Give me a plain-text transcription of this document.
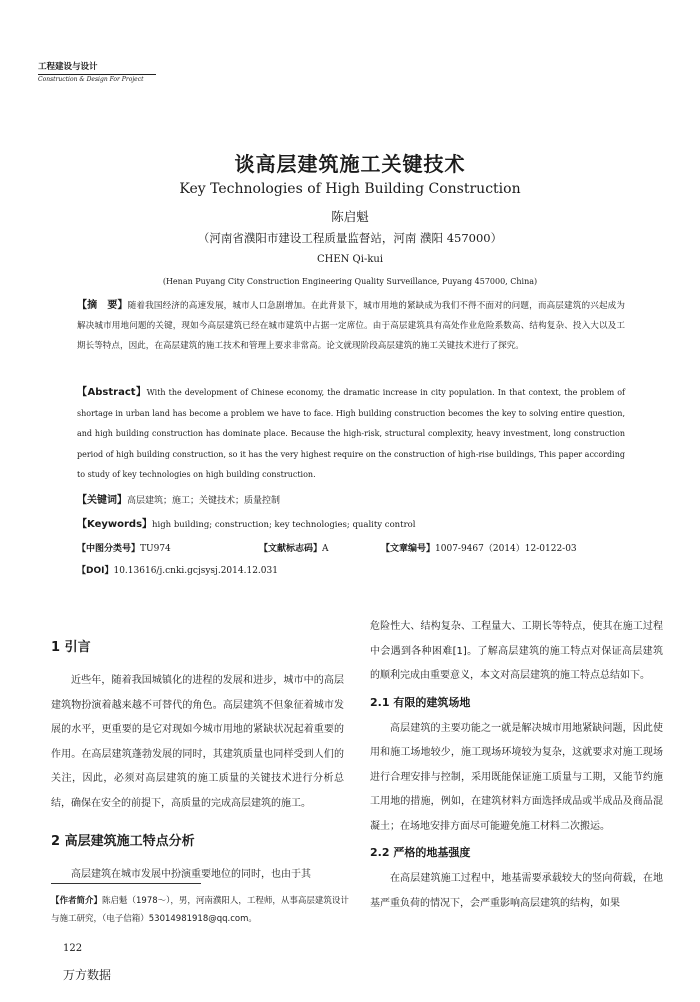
工程建设与设计
Construction & Design For Project
谈高层建筑施工关键技术
Key Technologies of High Building Construction
陈启魁
（河南省濮阳市建设工程质量监督站，河南 濮阳 457000）
CHEN Qi-kui
(Henan Puyang City Construction Engineering Quality Surveillance, Puyang 457000, China)
【摘　要】随着我国经济的高速发展，城市人口急剧增加。在此背景下，城市用地的紧缺成为我们不得不面对的问题，而高层建筑的兴起成为解决城市用地问题的关键，现如今高层建筑已经在城市建筑中占据一定席位。由于高层建筑具有高处作业危险系数高、结构复杂、投入大以及工期长等特点，因此，在高层建筑的施工技术和管理上要求非常高。论文就现阶段高层建筑的施工关键技术进行了探究。
【Abstract】With the development of Chinese economy, the dramatic increase in city population. In that context, the problem of shortage in urban land has become a problem we have to face. High building construction becomes the key to solving entire question, and high building construction has dominate place. Because the high-risk, structural complexity, heavy investment, long construction period of high building construction, so it has the very highest require on the construction of high-rise buildings, This paper according to study of key technologies on high building construction.
【关键词】高层建筑；施工；关键技术；质量控制
【Keywords】high building; construction; key technologies; quality control
【中图分类号】TU974	【文献标志码】A	【文章编号】1007-9467（2014）12-0122-03
【DOI】10.13616/j.cnki.gcjsysj.2014.12.031
1 引言

近些年，随着我国城镇化的进程的发展和进步，城市中的高层建筑物扮演着越来越不可替代的角色。高层建筑不但象征着城市发展的水平，更重要的是它对现如今城市用地的紧缺状况起着重要的作用。在高层建筑蓬勃发展的同时，其建筑质量也同样受到人们的关注，因此，必须对高层建筑的施工质量的关键技术进行分析总结，确保在安全的前提下，高质量的完成高层建筑的施工。

2 高层建筑施工特点分析

高层建筑在城市发展中扮演重要地位的同时，也由于其

危险性大、结构复杂、工程量大、工期长等特点，使其在施工过程中会遇到各种困难[1]。了解高层建筑的施工特点对保证高层建筑的顺利完成由重要意义，本文对高层建筑的施工特点总结如下。

2.1 有限的建筑场地

高层建筑的主要功能之一就是解决城市用地紧缺问题，因此使用和施工场地较少，施工现场环境较为复杂，这就要求对施工现场进行合理安排与控制，采用既能保证施工质量与工期，又能节约施工用地的措施，例如，在建筑材料方面选择成品或半成品及商品混凝土；在场地安排方面尽可能避免施工材料二次搬运。

2.2 严格的地基强度

在高层建筑施工过程中，地基需要承载较大的竖向荷载，在地基严重负荷的情况下，会严重影响高层建筑的结构，如果

【作者简介】陈启魁（1978～），男，河南濮阳人，工程师，从事高层建筑设计与施工研究，（电子信箱）53014981918@qq.com。
122
万方数据
